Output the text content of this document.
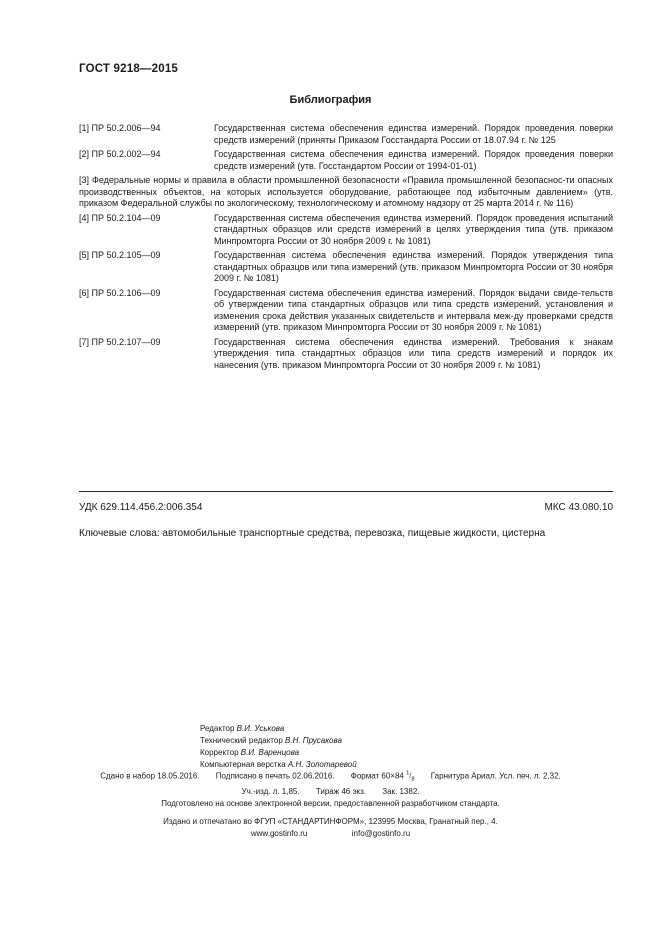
ГОСТ 9218—2015
Библиография
[1] ПР 50.2.006—94	Государственная система обеспечения единства измерений. Порядок проведения поверки средств измерений (приняты Приказом Госстандарта России от 18.07.94 г. № 125
[2] ПР 50.2.002—94	Государственная система обеспечения единства измерений. Порядок проведения поверки средств измерений (утв. Госстандартом России от 1994-01-01)
[3] Федеральные нормы и правила в области промышленной безопасности «Правила промышленной безопаснос-ти опасных производственных объектов, на которых используется оборудование, работающее под избыточным давлением» (утв. приказом Федеральной службы по экологическому, технологическому и атомному надзору от 25 марта 2014 г. № 116)
[4] ПР 50.2.104—09	Государственная система обеспечения единства измерений. Порядок проведения испытаний стандартных образцов или средств измерений в целях утверждения типа (утв. приказом Минпромторга России от 30 ноября 2009 г. № 1081)
[5] ПР 50.2.105—09	Государственная система обеспечения единства измерений. Порядок утверждения типа стандартных образцов или типа измерений (утв. приказом Минпромторга России от 30 ноября 2009 г. № 1081)
[6] ПР 50.2.106—09	Государственная система обеспечения единства измерений. Порядок выдачи свиде-тельств об утверждении типа стандартных образцов или типа средств измерений, установления и изменения срока действия указанных свидетельств и интервала меж-ду проверками средств измерений (утв. приказом Минпромторга России от 30 ноября 2009 г. № 1081)
[7] ПР 50.2.107—09	Государственная система обеспечения единства измерений. Требования к знакам утверждения типа стандартных образцов или типа средств измерений и порядок их нанесения (утв. приказом Минпромторга России от 30 ноября 2009 г. № 1081)
УДК 629.114.456.2:006.354	МКС 43.080.10
Ключевые слова: автомобильные транспортные средства, перевозка, пищевые жидкости, цистерна
Редактор В.И. Уськова
Технический редактор В.Н. Прусакова
Корректор В.И. Варенцова
Компьютерная верстка А.Н. Золотаревой
Сдано в набор 18.05.2016. Подписано в печать 02.06.2016. Формат 60×84 $^1/_8$ Гарнитура Ариал. Усл. печ. л. 2,32.
Уч.-изд. л. 1,85. Тираж 46 экз. Зак. 1382.
Подготовлено на основе электронной версии, предоставленной разработчиком стандарта.
Издано и отпечатано во ФГУП «СТАНДАРТИНФОРМ», 123995 Москва, Гранатный пер., 4.
www.gostinfo.ru	info@gostinfo.ru
